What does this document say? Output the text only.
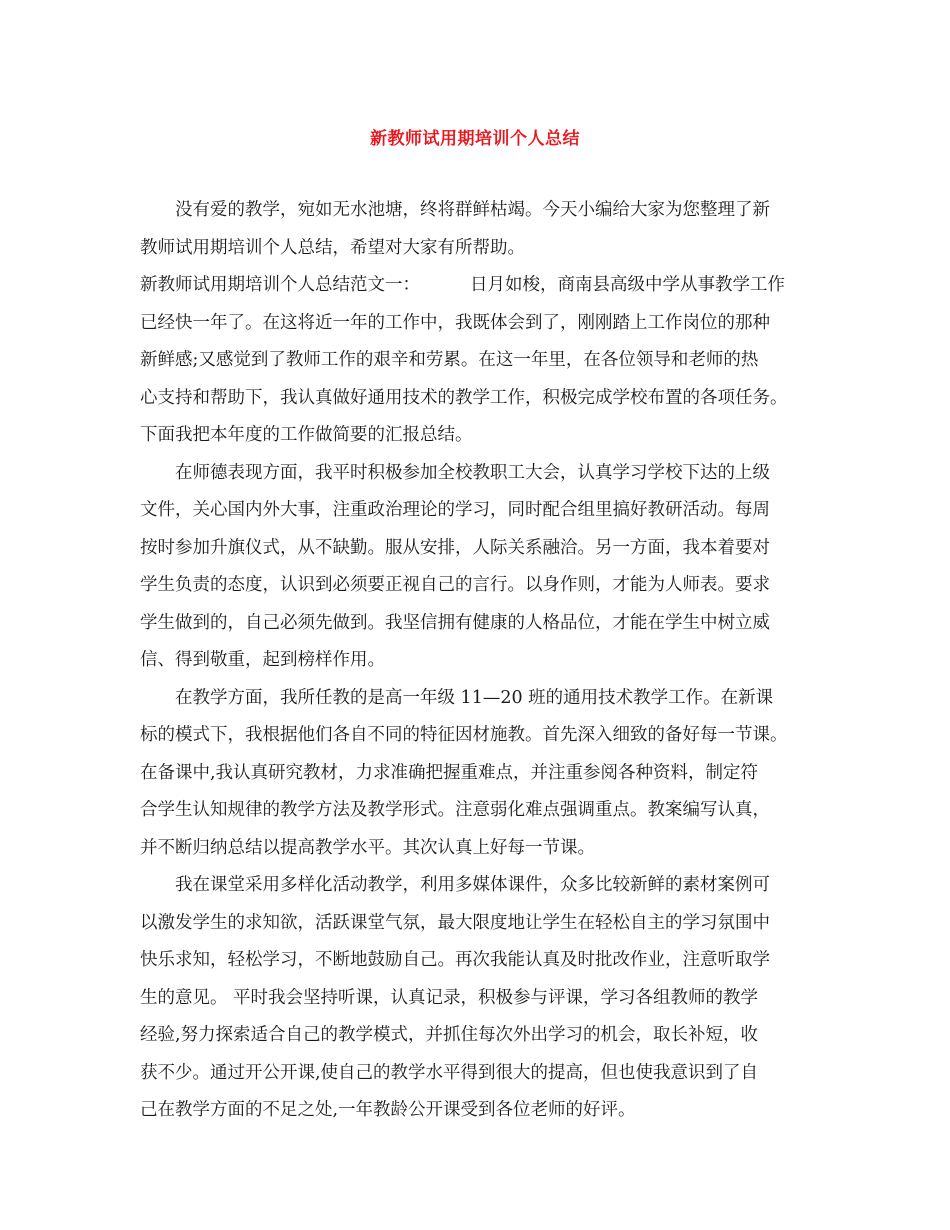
新教师试用期培训个人总结
没有爱的教学，宛如无水池塘，终将群鲜枯竭。今天小编给大家为您整理了新
教师试用期培训个人总结，希望对大家有所帮助。
新教师试用期培训个人总结范文一：	日月如梭，商南县高级中学从事教学工作
已经快一年了。在这将近一年的工作中，我既体会到了，刚刚踏上工作岗位的那种
新鲜感;又感觉到了教师工作的艰辛和劳累。在这一年里，在各位领导和老师的热
心支持和帮助下，我认真做好通用技术的教学工作，积极完成学校布置的各项任务。
下面我把本年度的工作做简要的汇报总结。
在师德表现方面，我平时积极参加全校教职工大会，认真学习学校下达的上级
文件，关心国内外大事，注重政治理论的学习，同时配合组里搞好教研活动。每周
按时参加升旗仪式，从不缺勤。服从安排，人际关系融洽。另一方面，我本着要对
学生负责的态度，认识到必须要正视自己的言行。以身作则，才能为人师表。要求
学生做到的，自己必须先做到。我坚信拥有健康的人格品位，才能在学生中树立威
信、得到敬重，起到榜样作用。
在教学方面，我所任教的是高一年级 11—20 班的通用技术教学工作。在新课
标的模式下，我根据他们各自不同的特征因材施教。首先深入细致的备好每一节课。
在备课中,我认真研究教材，力求准确把握重难点，并注重参阅各种资料，制定符
合学生认知规律的教学方法及教学形式。注意弱化难点强调重点。教案编写认真，
并不断归纳总结以提高教学水平。其次认真上好每一节课。
我在课堂采用多样化活动教学，利用多媒体课件，众多比较新鲜的素材案例可
以激发学生的求知欲，活跃课堂气氛，最大限度地让学生在轻松自主的学习氛围中
快乐求知，轻松学习，不断地鼓励自己。再次我能认真及时批改作业，注意听取学
生的意见。 平时我会坚持听课，认真记录，积极参与评课，学习各组教师的教学
经验,努力探索适合自己的教学模式，并抓住每次外出学习的机会，取长补短，收
获不少。通过开公开课,使自己的教学水平得到很大的提高，但也使我意识到了自
己在教学方面的不足之处,一年教龄公开课受到各位老师的好评。
